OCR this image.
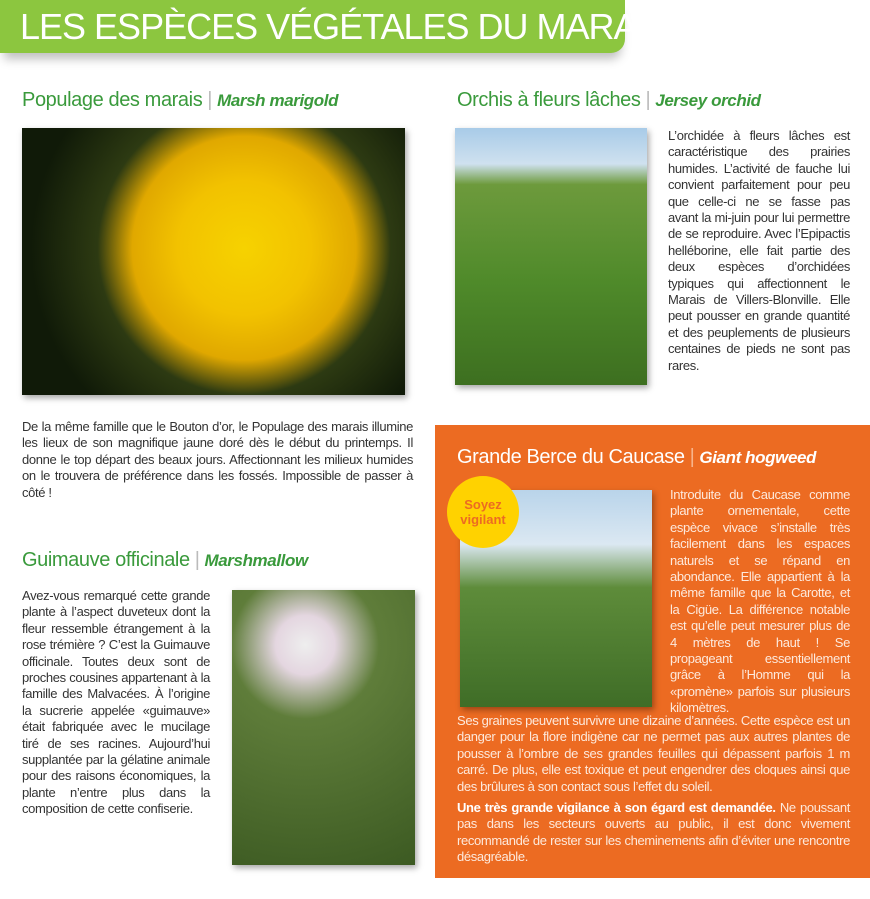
LES ESPÈCES VÉGÉTALES DU MARAIS
Populage des marais | Marsh marigold
De la même famille que le Bouton d’or, le Populage des marais illumine les lieux de son magnifique jaune doré dès le début du printemps. Il donne le top départ des beaux jours. Affectionnant les milieux humides on le trouvera de préférence dans les fossés. Impossible de passer à côté !
Orchis à fleurs lâches | Jersey orchid
L’orchidée à fleurs lâches est caractéristique des prairies humides. L’activité de fauche lui convient parfaitement pour peu que celle-ci ne se fasse pas avant la mi-juin pour lui permettre de se reproduire. Avec l’Epipactis helléborine, elle fait partie des deux espèces d’orchidées typiques qui affectionnent le Marais de Villers-Blonville. Elle peut pousser en grande quantité et des peuplements de plusieurs centaines de pieds ne sont pas rares.
Guimauve officinale | Marshmallow
Avez-vous remarqué cette grande plante à l’aspect duveteux dont la fleur ressemble étrangement à la rose trémière ? C’est la Guimauve officinale. Toutes deux sont de proches cousines appartenant à la famille des Malvacées. À l’origine la sucrerie appelée «guimauve» était fabriquée avec le mucilage tiré de ses racines. Aujourd’hui supplantée par la gélatine animale pour des raisons économiques, la plante n’entre plus dans la composition de cette confiserie.
Grande Berce du Caucase | Giant hogweed
Introduite du Caucase comme plante ornementale, cette espèce vivace s’installe très facilement dans les espaces naturels et se répand en abondance. Elle appartient à la même famille que la Carotte, et la Cigüe. La différence notable est qu’elle peut mesurer plus de 4 mètres de haut ! Se propageant essentiellement grâce à l’Homme qui la «promène» parfois sur plusieurs kilomètres.
Ses graines peuvent survivre une dizaine d’années. Cette espèce est un danger pour la flore indigène car ne permet pas aux autres plantes de pousser à l’ombre de ses grandes feuilles qui dépassent parfois 1 m carré. De plus, elle est toxique et peut engendrer des cloques ainsi que des brûlures à son contact sous l’effet du soleil.
Une très grande vigilance à son égard est demandée. Ne poussant pas dans les secteurs ouverts au public, il est donc vivement recommandé de rester sur les cheminements afin d’éviter une rencontre désagréable.
Soyez vigilant
